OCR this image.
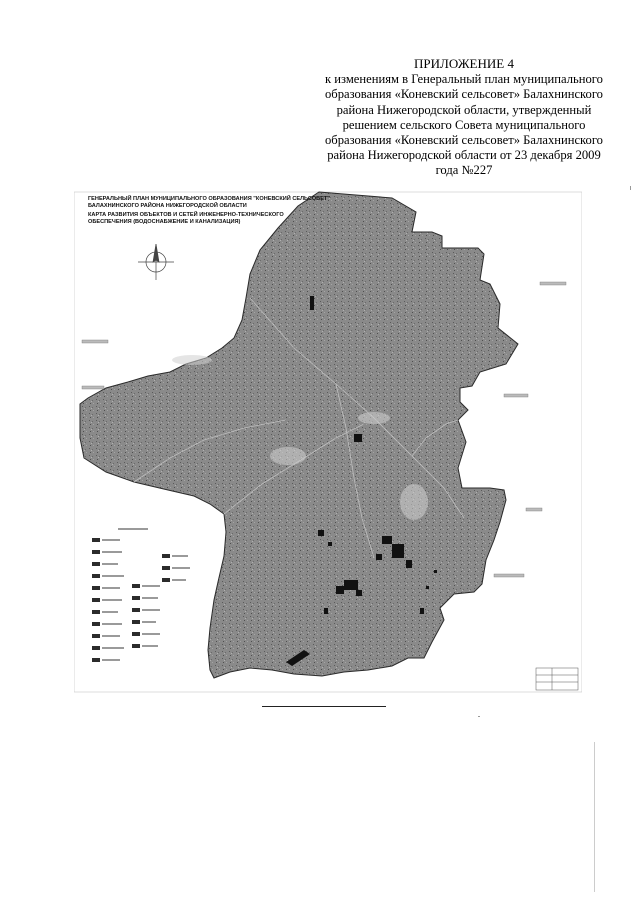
ПРИЛОЖЕНИЕ 4
к изменениям в Генеральный план муниципального
образования «Коневский сельсовет» Балахнинского
района Нижегородской области, утвержденный
решением сельского Совета муниципального
образования «Коневский сельсовет» Балахнинского
района Нижегородской области от 23 декабря 2009
года №227
ГЕНЕРАЛЬНЫЙ ПЛАН МУНИЦИПАЛЬНОГО ОБРАЗОВАНИЯ "КОНЕВСКИЙ СЕЛЬСОВЕТ"
БАЛАХНИНСКОГО РАЙОНА НИЖЕГОРОДСКОЙ ОБЛАСТИ
КАРТА РАЗВИТИЯ ОБЪЕКТОВ И СЕТЕЙ ИНЖЕНЕРНО-ТЕХНИЧЕСКОГО
ОБЕСПЕЧЕНИЯ (ВОДОСНАБЖЕНИЕ И КАНАЛИЗАЦИЯ)
